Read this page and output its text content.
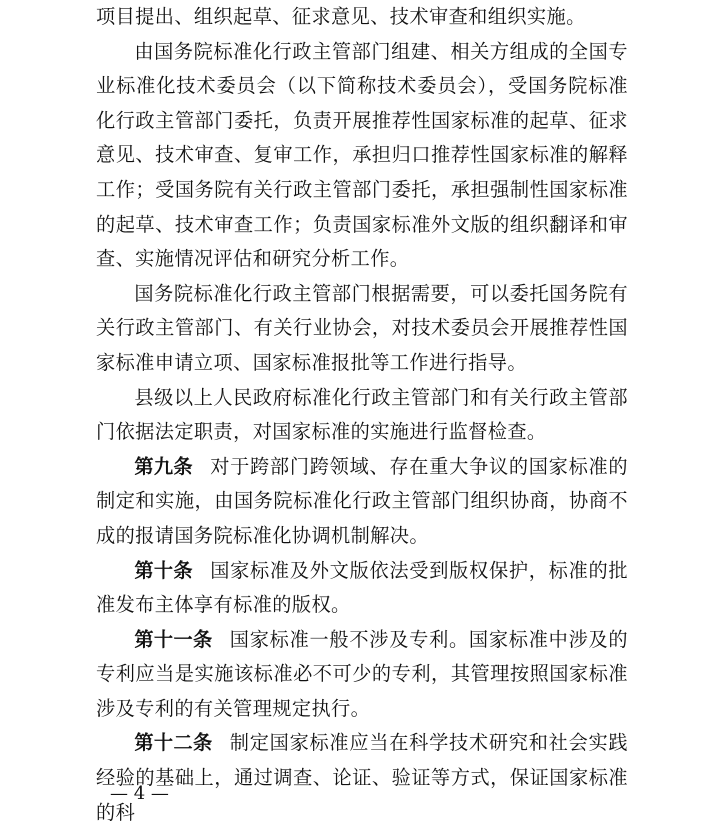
项目提出、组织起草、征求意见、技术审查和组织实施。

由国务院标准化行政主管部门组建、相关方组成的全国专业标准化技术委员会（以下简称技术委员会），受国务院标准化行政主管部门委托，负责开展推荐性国家标准的起草、征求意见、技术审查、复审工作，承担归口推荐性国家标准的解释工作；受国务院有关行政主管部门委托，承担强制性国家标准的起草、技术审查工作；负责国家标准外文版的组织翻译和审查、实施情况评估和研究分析工作。

国务院标准化行政主管部门根据需要，可以委托国务院有关行政主管部门、有关行业协会，对技术委员会开展推荐性国家标准申请立项、国家标准报批等工作进行指导。

县级以上人民政府标准化行政主管部门和有关行政主管部门依据法定职责，对国家标准的实施进行监督检查。

第九条 对于跨部门跨领域、存在重大争议的国家标准的制定和实施，由国务院标准化行政主管部门组织协商，协商不成的报请国务院标准化协调机制解决。

第十条 国家标准及外文版依法受到版权保护，标准的批准发布主体享有标准的版权。

第十一条 国家标准一般不涉及专利。国家标准中涉及的专利应当是实施该标准必不可少的专利，其管理按照国家标准涉及专利的有关管理规定执行。

第十二条 制定国家标准应当在科学技术研究和社会实践经验的基础上，通过调查、论证、验证等方式，保证国家标准的科

— 4 —
